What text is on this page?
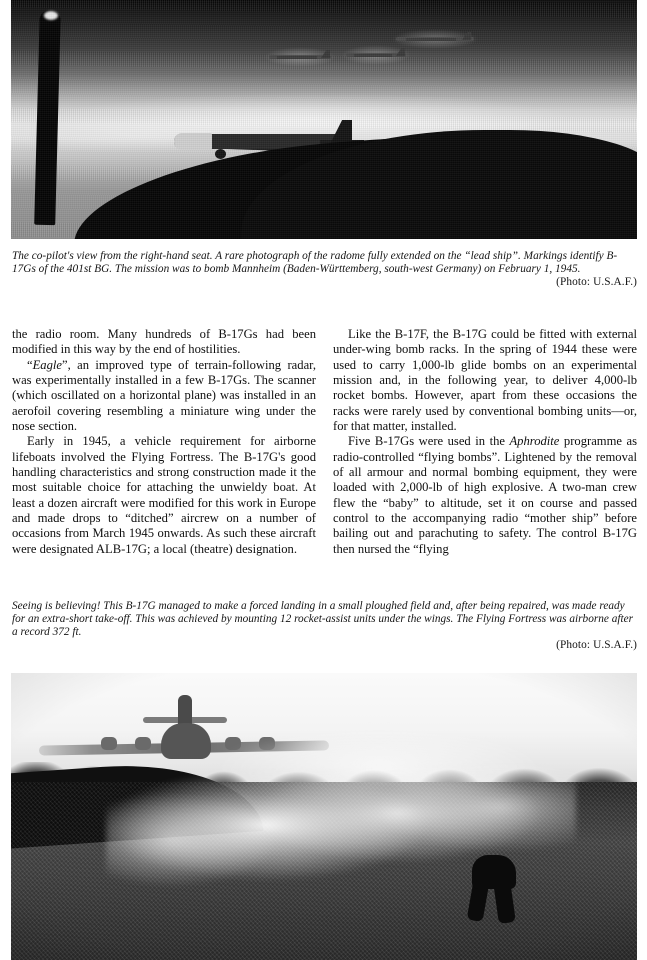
The co-pilot's view from the right-hand seat. A rare photograph of the radome fully extended on the “lead ship”. Markings identify B-17Gs of the 401st BG. The mission was to bomb Mannheim (Baden-Württemberg, south-west Germany) on February 1, 1945.
(Photo: U.S.A.F.)

the radio room. Many hundreds of B-17Gs had been modified in this way by the end of hostilities.

“Eagle”, an improved type of terrain-following radar, was experimentally installed in a few B-17Gs. The scanner (which oscillated on a horizontal plane) was installed in an aerofoil covering resembling a miniature wing under the nose section.

Early in 1945, a vehicle requirement for airborne lifeboats involved the Flying Fortress. The B-17G's good handling characteristics and strong construction made it the most suitable choice for attaching the unwieldy boat. At least a dozen aircraft were modified for this work in Europe and made drops to “ditched” aircrew on a number of occasions from March 1945 onwards. As such these aircraft were designated ALB-17G; a local (theatre) designation.

Like the B-17F, the B-17G could be fitted with external under-wing bomb racks. In the spring of 1944 these were used to carry 1,000-lb glide bombs on an experimental mission and, in the following year, to deliver 4,000-lb rocket bombs. However, apart from these occasions the racks were rarely used by conventional bombing units—or, for that matter, installed.

Five B-17Gs were used in the Aphrodite programme as radio-controlled “flying bombs”. Lightened by the removal of all armour and normal bombing equipment, they were loaded with 2,000-lb of high explosive. A two-man crew flew the “baby” to altitude, set it on course and passed control to the accompanying radio “mother ship” before bailing out and parachuting to safety. The control B-17G then nursed the “flying

Seeing is believing! This B-17G managed to make a forced landing in a small ploughed field and, after being repaired, was made ready for an extra-short take-off. This was achieved by mounting 12 rocket-assist units under the wings. The Flying Fortress was airborne after a record 372 ft.
(Photo: U.S.A.F.)
